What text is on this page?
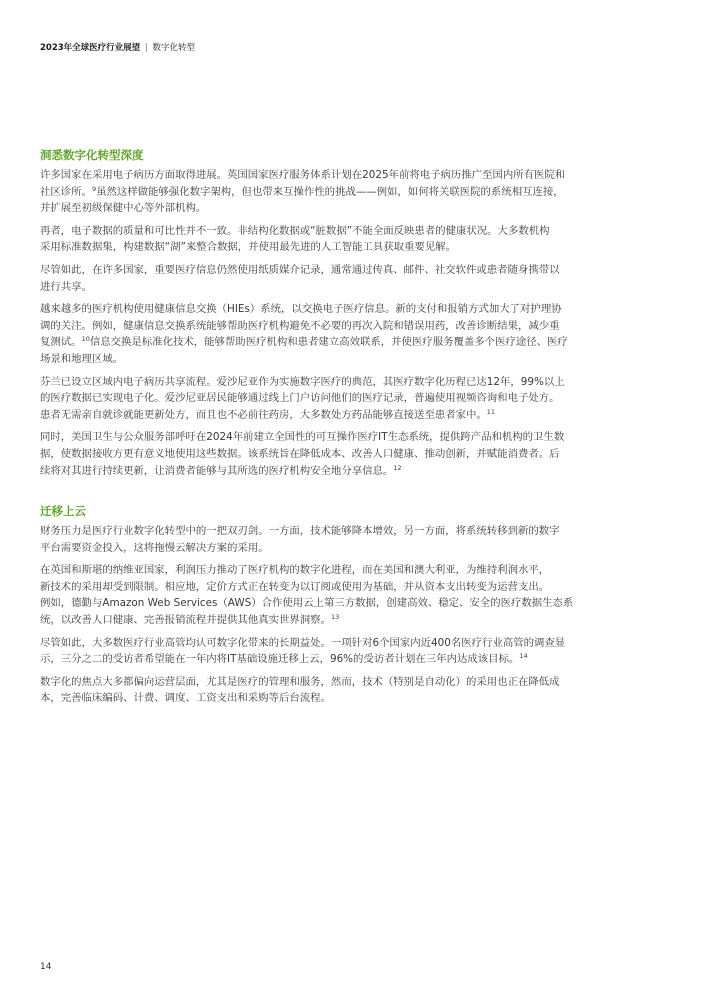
2023年全球医疗行业展望 | 数字化转型
洞悉数字化转型深度
许多国家在采用电子病历方面取得进展。英国国家医疗服务体系计划在2025年前将电子病历推广至国内所有医院和
社区诊所。$^9$虽然这样做能够强化数字架构，但也带来互操作性的挑战——例如，如何将关联医院的系统相互连接，
并扩展至初级保健中心等外部机构。
再者，电子数据的质量和可比性并不一致。非结构化数据或“脏数据”不能全面反映患者的健康状况。大多数机构
采用标准数据集，构建数据“湖”来整合数据，并使用最先进的人工智能工具获取重要见解。
尽管如此，在许多国家，重要医疗信息仍然使用纸质媒介记录，通常通过传真、邮件、社交软件或患者随身携带以
进行共享。
越来越多的医疗机构使用健康信息交换（HIEs）系统，以交换电子医疗信息。新的支付和报销方式加大了对护理协
调的关注。例如，健康信息交换系统能够帮助医疗机构避免不必要的再次入院和错误用药，改善诊断结果，减少重
复测试。$^{10}$信息交换是标准化技术，能够帮助医疗机构和患者建立高效联系，并使医疗服务覆盖多个医疗途径、医疗
场景和地理区域。
芬兰已设立区域内电子病历共享流程。爱沙尼亚作为实施数字医疗的典范，其医疗数字化历程已达12年，99%以上
的医疗数据已实现电子化。爱沙尼亚居民能够通过线上门户访问他们的医疗记录，普遍使用视频咨询和电子处方。
患者无需亲自就诊就能更新处方，而且也不必前往药房，大多数处方药品能够直接送至患者家中。$^{11}$
同时，美国卫生与公众服务部呼吁在2024年前建立全国性的可互操作医疗IT生态系统，提供跨产品和机构的卫生数
据，使数据接收方更有意义地使用这些数据。该系统旨在降低成本、改善人口健康、推动创新，并赋能消费者。后
续将对其进行持续更新，让消费者能够与其所选的医疗机构安全地分享信息。$^{12}$
迁移上云
财务压力是医疗行业数字化转型中的一把双刃剑。一方面，技术能够降本增效，另一方面，将系统转移到新的数字
平台需要资金投入，这将拖慢云解决方案的采用。
在英国和斯堪的纳维亚国家，利润压力推动了医疗机构的数字化进程，而在美国和澳大利亚，为维持利润水平，
新技术的采用却受到限制。相应地，定价方式正在转变为以订阅或使用为基础，并从资本支出转变为运营支出。
例如，德勤与Amazon Web Services（AWS）合作使用云上第三方数据，创建高效、稳定、安全的医疗数据生态系
统，以改善人口健康、完善报销流程并提供其他真实世界洞察。$^{13}$
尽管如此，大多数医疗行业高管均认可数字化带来的长期益处。一项针对6个国家内近400名医疗行业高管的调查显
示，三分之二的受访者希望能在一年内将IT基础设施迁移上云，96%的受访者计划在三年内达成该目标。$^{14}$
数字化的焦点大多都偏向运营层面，尤其是医疗的管理和服务，然而，技术（特别是自动化）的采用也正在降低成
本，完善临床编码、计费、调度、工资支出和采购等后台流程。
14
